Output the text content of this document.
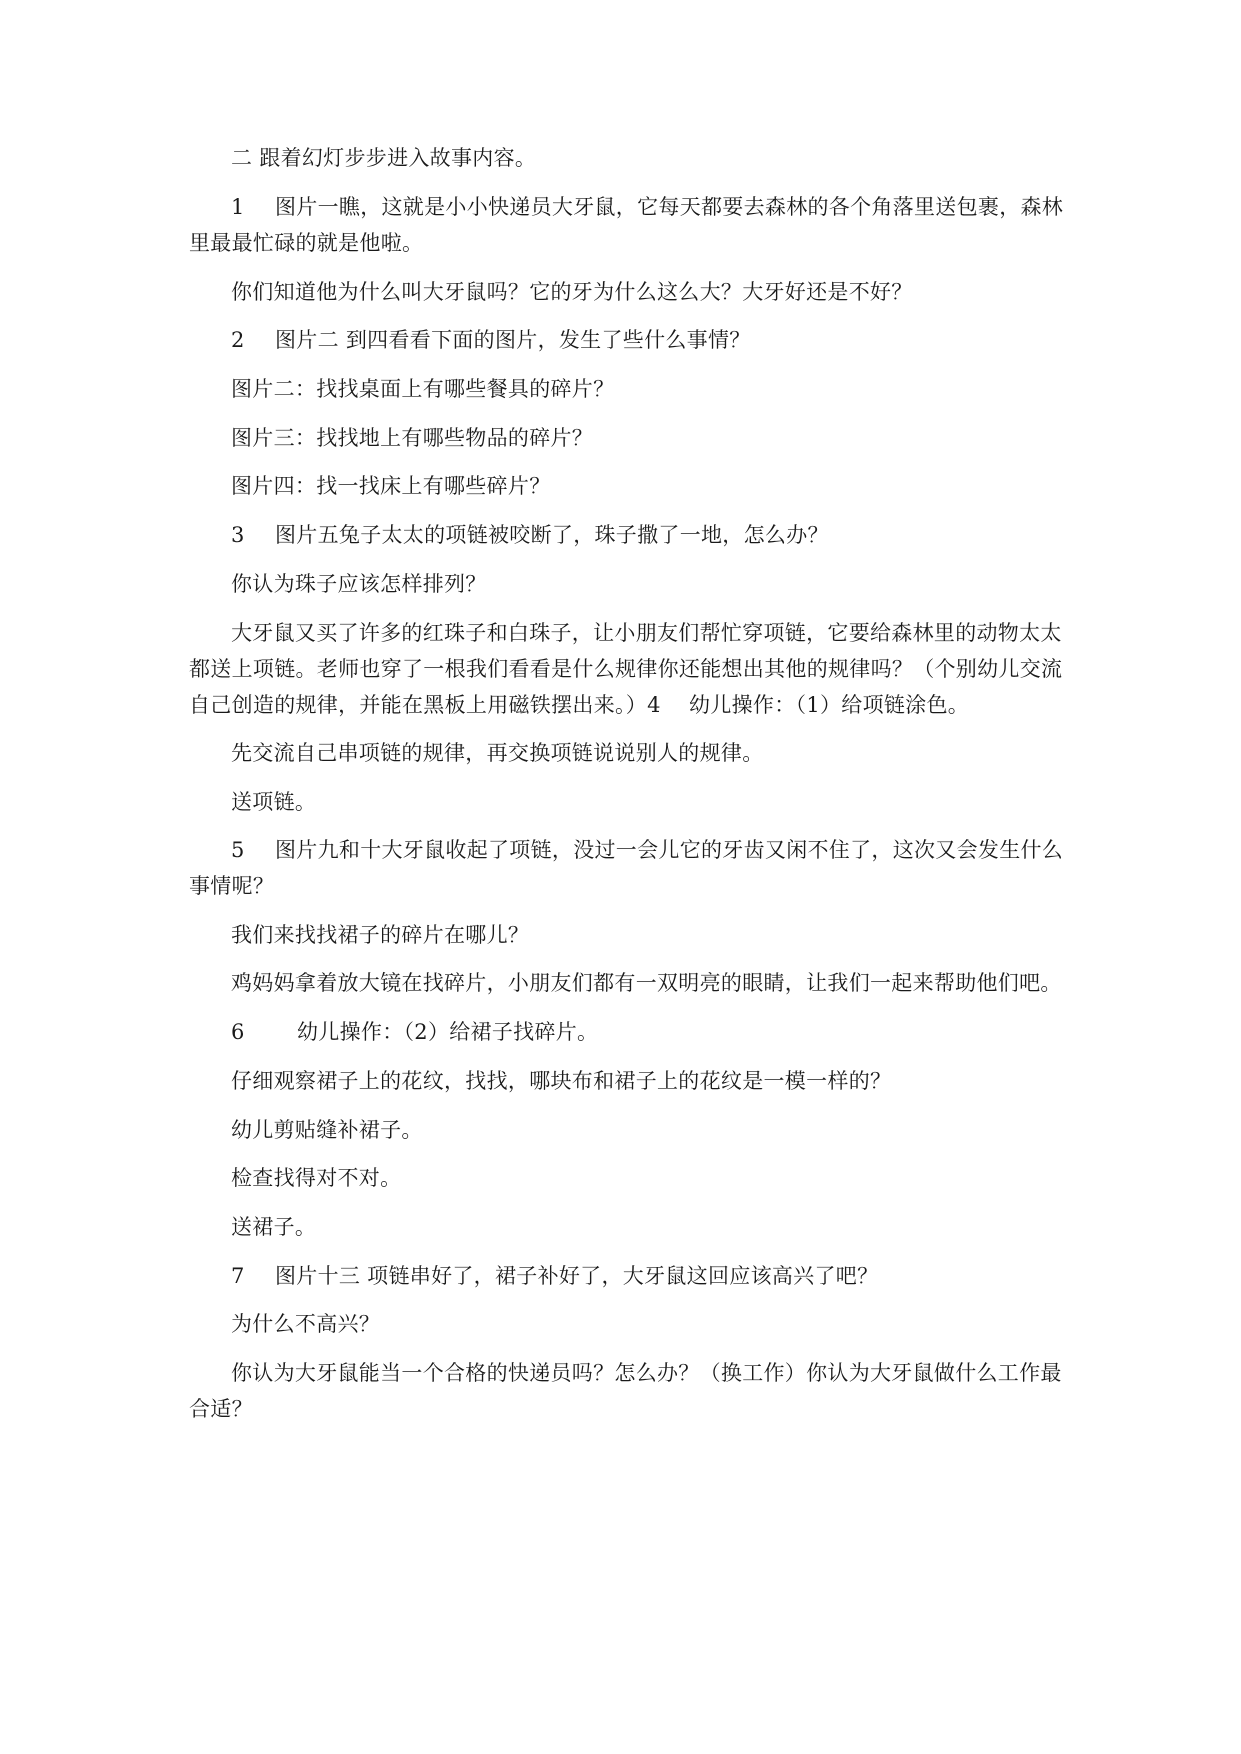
二 跟着幻灯步步进入故事内容。

1 图片一瞧，这就是小小快递员大牙鼠，它每天都要去森林的各个角落里送包裹，森林里最最忙碌的就是他啦。

你们知道他为什么叫大牙鼠吗？它的牙为什么这么大？大牙好还是不好？

2 图片二 到四看看下面的图片，发生了些什么事情？

图片二：找找桌面上有哪些餐具的碎片？

图片三：找找地上有哪些物品的碎片？

图片四：找一找床上有哪些碎片？

3 图片五兔子太太的项链被咬断了，珠子撒了一地，怎么办？

你认为珠子应该怎样排列？

大牙鼠又买了许多的红珠子和白珠子，让小朋友们帮忙穿项链，它要给森林里的动物太太都送上项链。老师也穿了一根我们看看是什么规律你还能想出其他的规律吗？（个别幼儿交流自己创造的规律，并能在黑板上用磁铁摆出来。）4　 幼儿操作：（1）给项链涂色。

先交流自己串项链的规律，再交换项链说说别人的规律。

送项链。

5 图片九和十大牙鼠收起了项链，没过一会儿它的牙齿又闲不住了，这次又会发生什么事情呢？

我们来找找裙子的碎片在哪儿？

鸡妈妈拿着放大镜在找碎片，小朋友们都有一双明亮的眼睛，让我们一起来帮助他们吧。

6 幼儿操作：（2）给裙子找碎片。

仔细观察裙子上的花纹，找找，哪块布和裙子上的花纹是一模一样的？

幼儿剪贴缝补裙子。

检查找得对不对。

送裙子。

7 图片十三 项链串好了，裙子补好了，大牙鼠这回应该高兴了吧？

为什么不高兴？

你认为大牙鼠能当一个合格的快递员吗？怎么办？（换工作）你认为大牙鼠做什么工作最合适？
